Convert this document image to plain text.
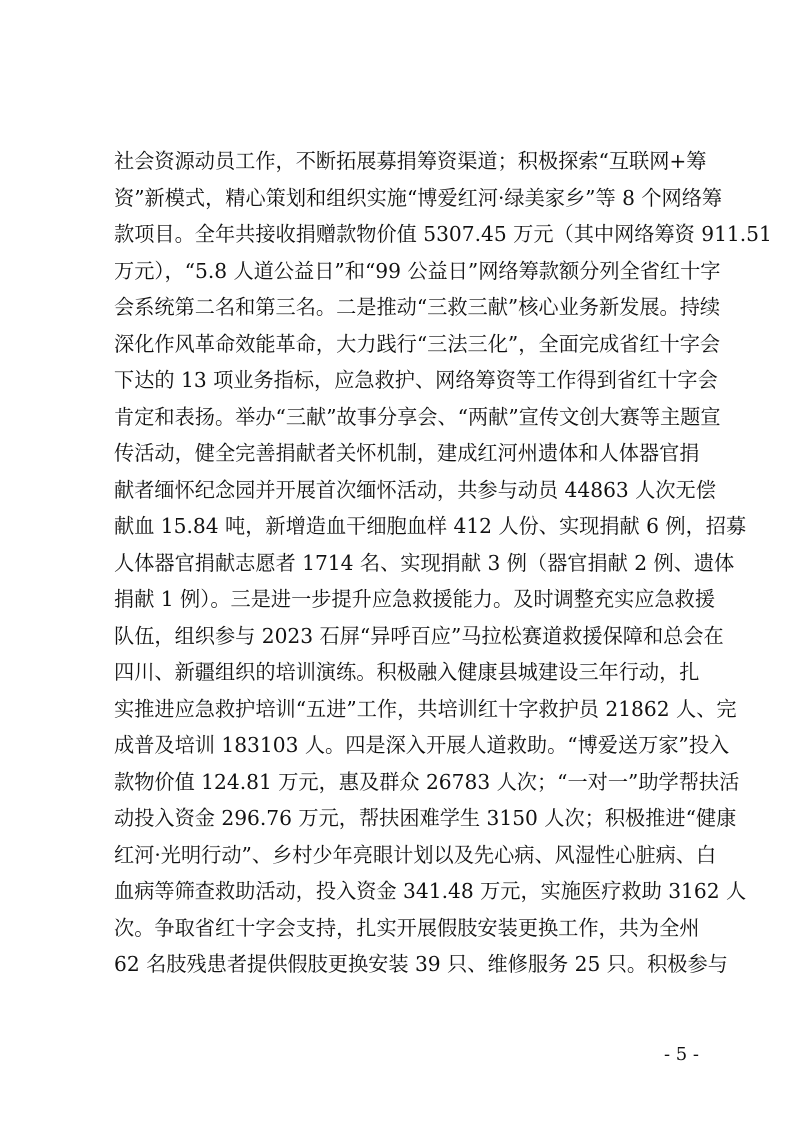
社会资源动员工作，不断拓展募捐筹资渠道；积极探索“互联网+筹
资”新模式，精心策划和组织实施“博爱红河·绿美家乡”等 8 个网络筹
款项目。全年共接收捐赠款物价值 5307.45 万元（其中网络筹资 911.51
万元），“5.8 人道公益日”和“99 公益日”网络筹款额分列全省红十字
会系统第二名和第三名。二是推动“三救三献”核心业务新发展。持续
深化作风革命效能革命，大力践行“三法三化”，全面完成省红十字会
下达的 13 项业务指标，应急救护、网络筹资等工作得到省红十字会
肯定和表扬。举办“三献”故事分享会、“两献”宣传文创大赛等主题宣
传活动，健全完善捐献者关怀机制，建成红河州遗体和人体器官捐
献者缅怀纪念园并开展首次缅怀活动，共参与动员 44863 人次无偿
献血 15.84 吨，新增造血干细胞血样 412 人份、实现捐献 6 例，招募
人体器官捐献志愿者 1714 名、实现捐献 3 例（器官捐献 2 例、遗体
捐献 1 例）。三是进一步提升应急救援能力。及时调整充实应急救援
队伍，组织参与 2023 石屏“异呼百应”马拉松赛道救援保障和总会在
四川、新疆组织的培训演练。积极融入健康县城建设三年行动，扎
实推进应急救护培训“五进”工作，共培训红十字救护员 21862 人、完
成普及培训 183103 人。四是深入开展人道救助。“博爱送万家”投入
款物价值 124.81 万元，惠及群众 26783 人次；“一对一”助学帮扶活
动投入资金 296.76 万元，帮扶困难学生 3150 人次；积极推进“健康
红河·光明行动”、乡村少年亮眼计划以及先心病、风湿性心脏病、白
血病等筛查救助活动，投入资金 341.48 万元，实施医疗救助 3162 人
次。争取省红十字会支持，扎实开展假肢安装更换工作，共为全州
62 名肢残患者提供假肢更换安装 39 只、维修服务 25 只。积极参与
- 5 -
